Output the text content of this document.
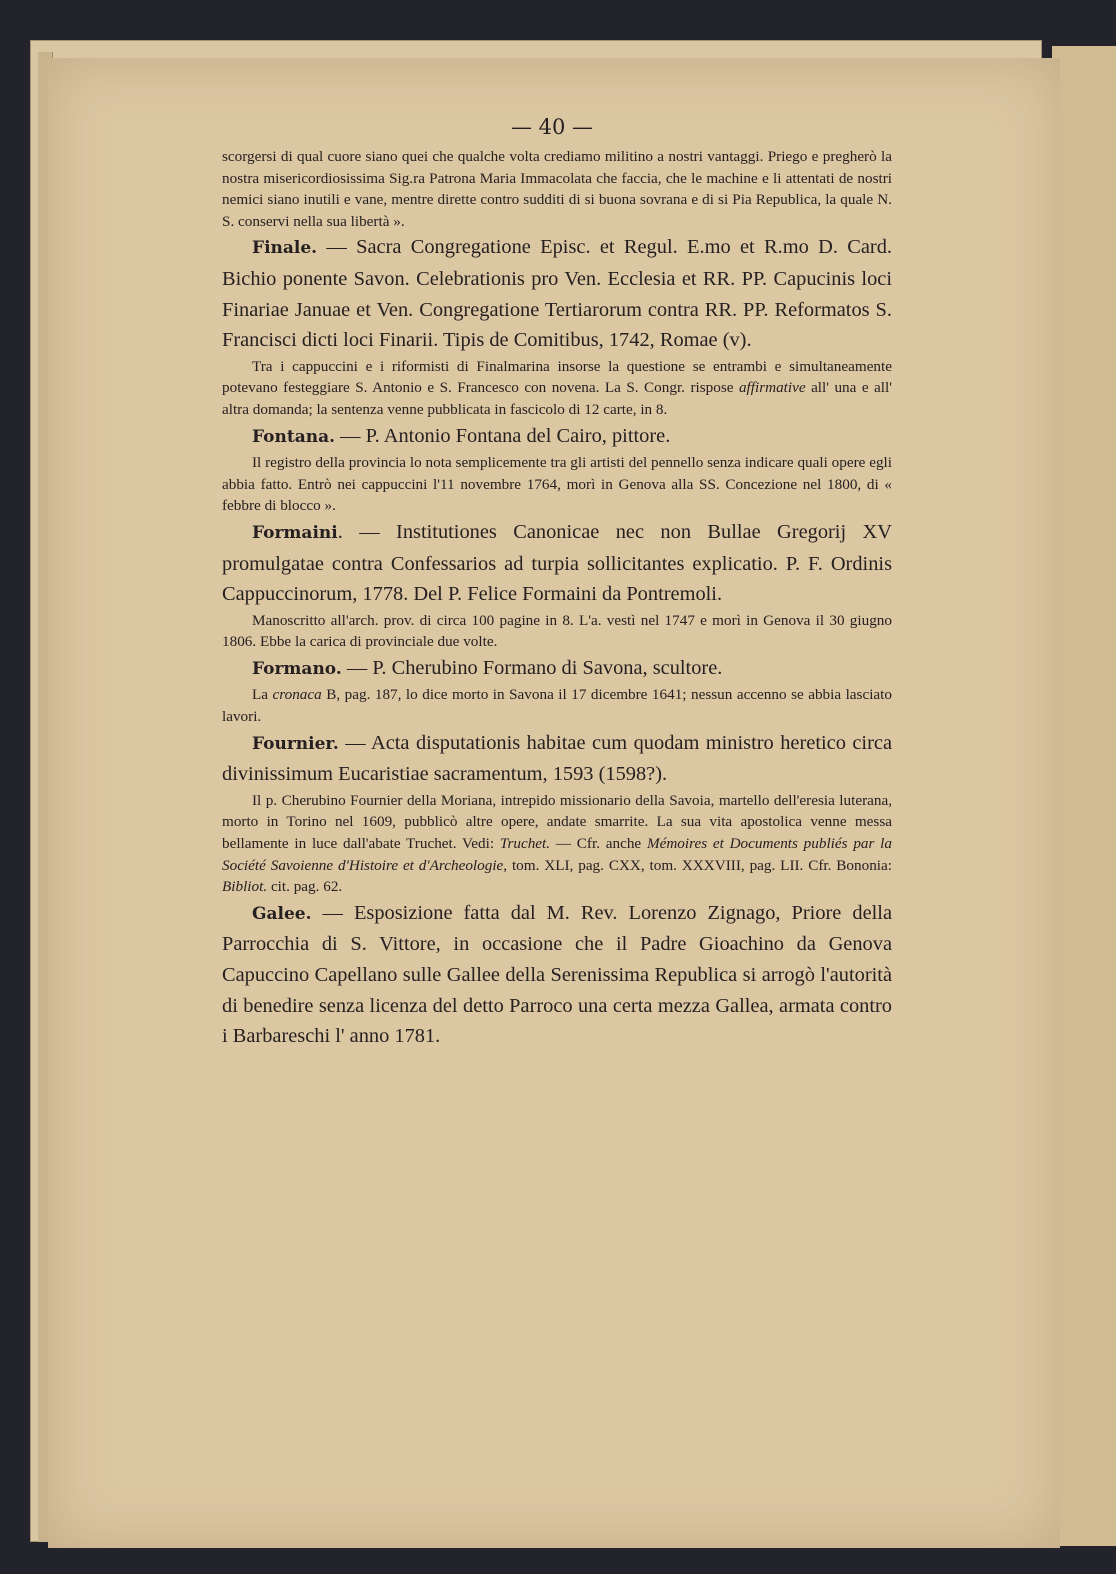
— 40 —

scorgersi di qual cuore siano quei che qualche volta crediamo militino a nostri vantaggi. Priego e pregherò la nostra misericordiosissima Sig.ra Patrona Maria Immacolata che faccia, che le machine e li attentati de nostri nemici siano inutili e vane, mentre dirette contro sudditi di si buona sovrana e di si Pia Republica, la quale N. S. conservi nella sua libertà ».

Finale. — Sacra Congregatione Episc. et Regul. E.mo et R.mo D. Card. Bichio ponente Savon. Celebrationis pro Ven. Ecclesia et RR. PP. Capucinis loci Finariae Januae et Ven. Congregatione Tertiarorum contra RR. PP. Reformatos S. Francisci dicti loci Finarii. Tipis de Comitibus, 1742, Romae (v).

Tra i cappuccini e i riformisti di Finalmarina insorse la questione se entrambi e simultaneamente potevano festeggiare S. Antonio e S. Francesco con novena. La S. Congr. rispose affirmative all' una e all' altra domanda; la sentenza venne pubblicata in fascicolo di 12 carte, in 8.

Fontana. — P. Antonio Fontana del Cairo, pittore.

Il registro della provincia lo nota semplicemente tra gli artisti del pennello senza indicare quali opere egli abbia fatto. Entrò nei cappuccini l'11 novembre 1764, morì in Genova alla SS. Concezione nel 1800, di « febbre di blocco ».

Formaini. — Institutiones Canonicae nec non Bullae Gregorij XV promulgatae contra Confessarios ad turpia sollicitantes explicatio. P. F. Ordinis Cappuccinorum, 1778. Del P. Felice Formaini da Pontremoli.

Manoscritto all'arch. prov. di circa 100 pagine in 8. L'a. vestì nel 1747 e morì in Genova il 30 giugno 1806. Ebbe la carica di provinciale due volte.

Formano. — P. Cherubino Formano di Savona, scultore.

La cronaca B, pag. 187, lo dice morto in Savona il 17 dicembre 1641; nessun accenno se abbia lasciato lavori.

Fournier. — Acta disputationis habitae cum quodam ministro heretico circa divinissimum Eucaristiae sacramentum, 1593 (1598?).

Il p. Cherubino Fournier della Moriana, intrepido missionario della Savoia, martello dell'eresia luterana, morto in Torino nel 1609, pubblicò altre opere, andate smarrite. La sua vita apostolica venne messa bellamente in luce dall'abate Truchet. Vedi: Truchet. — Cfr. anche Mémoires et Documents publiés par la Société Savoienne d'Histoire et d'Archeologie, tom. XLI, pag. CXX, tom. XXXVIII, pag. LII. Cfr. Bononia: Bibliot. cit. pag. 62.

Galee. — Esposizione fatta dal M. Rev. Lorenzo Zignago, Priore della Parrocchia di S. Vittore, in occasione che il Padre Gioachino da Genova Capuccino Capellano sulle Gallee della Serenissima Republica si arrogò l'autorità di benedire senza licenza del detto Parroco una certa mezza Gallea, armata contro i Barbareschi l' anno 1781.
